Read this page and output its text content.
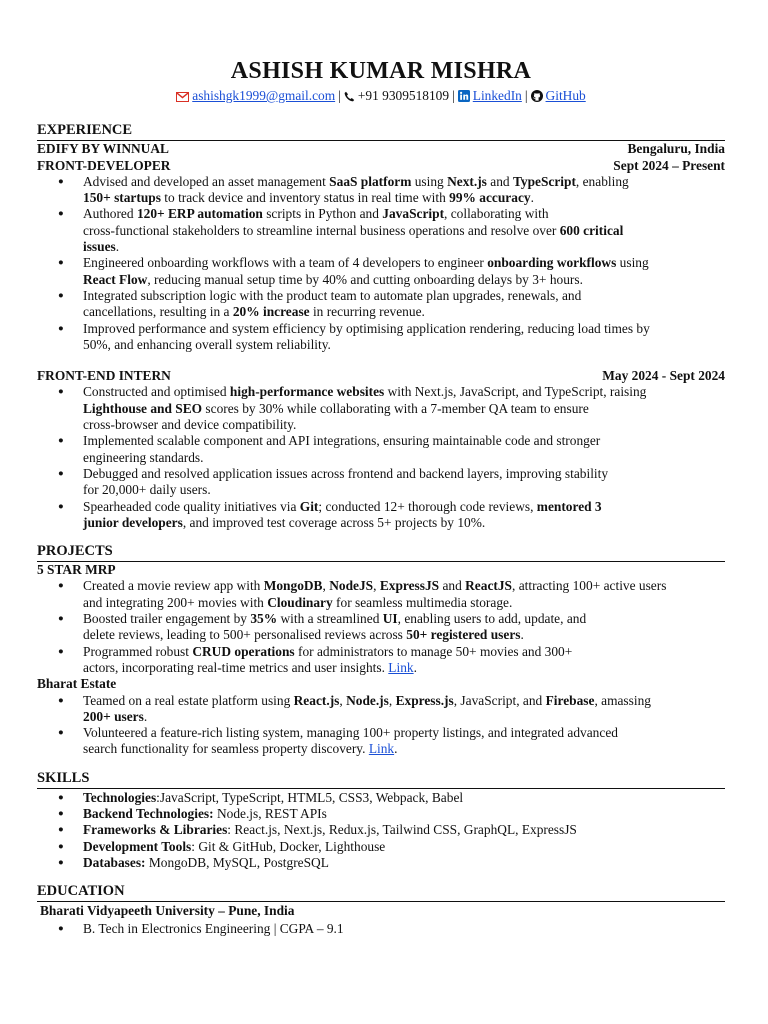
ASHISH KUMAR MISHRA
ashishgk1999@gmail.com | +91 9309518109 | LinkedIn | GitHub
EXPERIENCE
EDIFY BY WINNUAL	Bengaluru, India
FRONT-DEVELOPER	Sept 2024 – Present
● Advised and developed an asset management SaaS platform using Next.js and TypeScript, enabling
150+ startups to track device and inventory status in real time with 99% accuracy.
● Authored 120+ ERP automation scripts in Python and JavaScript, collaborating with
cross-functional stakeholders to streamline internal business operations and resolve over 600 critical
issues.
● Engineered onboarding workflows with a team of 4 developers to engineer onboarding workflows using
React Flow, reducing manual setup time by 40% and cutting onboarding delays by 3+ hours.
● Integrated subscription logic with the product team to automate plan upgrades, renewals, and
cancellations, resulting in a 20% increase in recurring revenue.
● Improved performance and system efficiency by optimising application rendering, reducing load times by
50%, and enhancing overall system reliability.
FRONT-END INTERN	May 2024 - Sept 2024
● Constructed and optimised high-performance websites with Next.js, JavaScript, and TypeScript, raising
Lighthouse and SEO scores by 30% while collaborating with a 7-member QA team to ensure
cross-browser and device compatibility.
● Implemented scalable component and API integrations, ensuring maintainable code and stronger
engineering standards.
● Debugged and resolved application issues across frontend and backend layers, improving stability
for 20,000+ daily users.
● Spearheaded code quality initiatives via Git; conducted 12+ thorough code reviews, mentored 3
junior developers, and improved test coverage across 5+ projects by 10%.
PROJECTS
5 STAR MRP
● Created a movie review app with MongoDB, NodeJS, ExpressJS and ReactJS, attracting 100+ active users
and integrating 200+ movies with Cloudinary for seamless multimedia storage.
● Boosted trailer engagement by 35% with a streamlined UI, enabling users to add, update, and
delete reviews, leading to 500+ personalised reviews across 50+ registered users.
● Programmed robust CRUD operations for administrators to manage 50+ movies and 300+
actors, incorporating real-time metrics and user insights. Link.
Bharat Estate
● Teamed on a real estate platform using React.js, Node.js, Express.js, JavaScript, and Firebase, amassing
200+ users.
● Volunteered a feature-rich listing system, managing 100+ property listings, and integrated advanced
search functionality for seamless property discovery. Link.
SKILLS
● Technologies:JavaScript, TypeScript, HTML5, CSS3, Webpack, Babel
● Backend Technologies: Node.js, REST APIs
● Frameworks & Libraries: React.js, Next.js, Redux.js, Tailwind CSS, GraphQL, ExpressJS
● Development Tools: Git & GitHub, Docker, Lighthouse
● Databases: MongoDB, MySQL, PostgreSQL
EDUCATION
Bharati Vidyapeeth University – Pune, India
● B. Tech in Electronics Engineering | CGPA – 9.1
